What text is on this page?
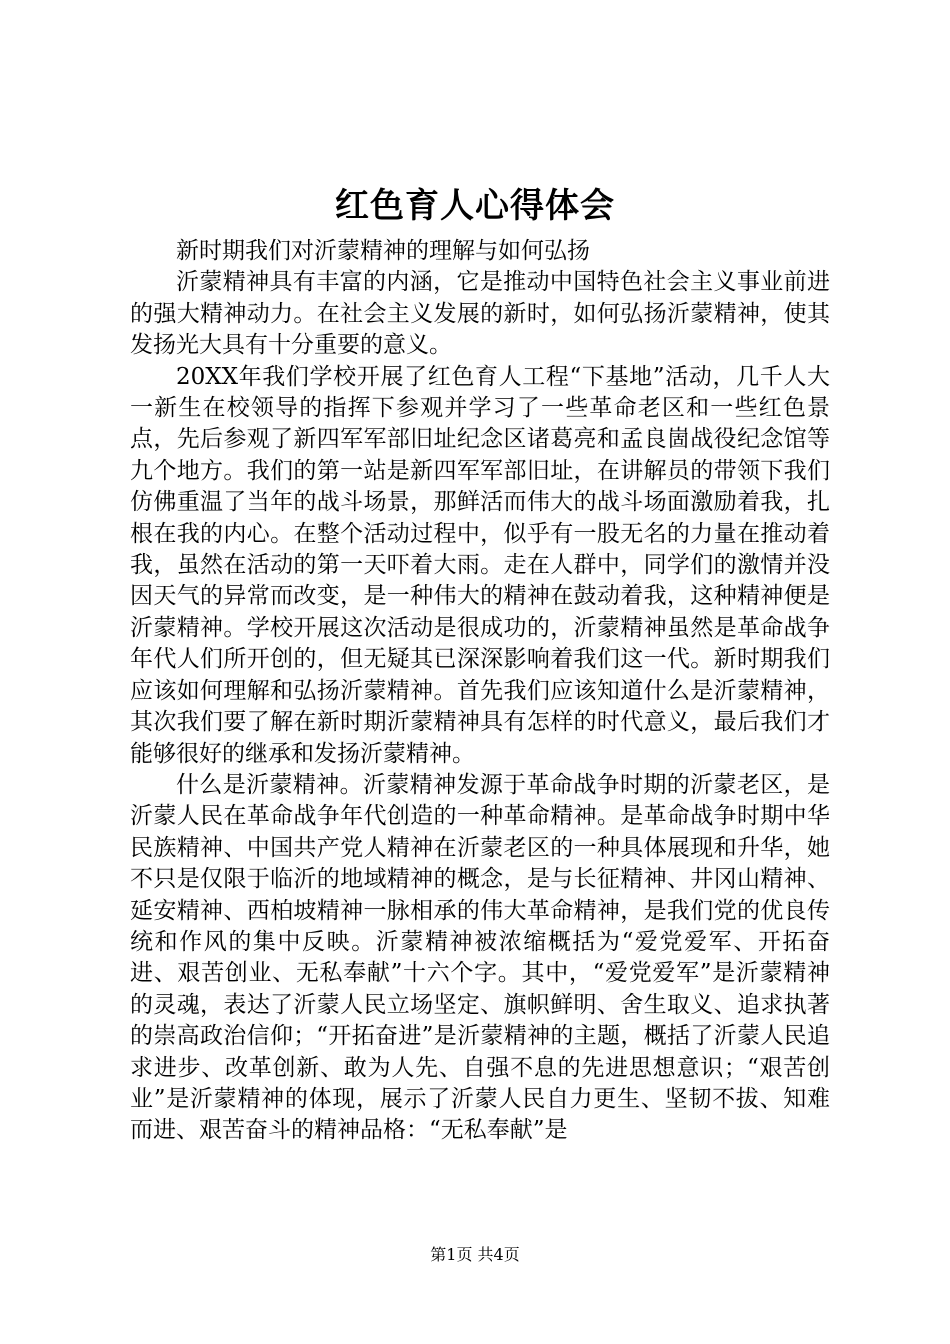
红色育人心得体会

新时期我们对沂蒙精神的理解与如何弘扬

沂蒙精神具有丰富的内涵，它是推动中国特色社会主义事业前进的强大精神动力。在社会主义发展的新时，如何弘扬沂蒙精神，使其发扬光大具有十分重要的意义。

20XX年我们学校开展了红色育人工程“下基地”活动，几千人大一新生在校领导的指挥下参观并学习了一些革命老区和一些红色景点，先后参观了新四军军部旧址纪念区诸葛亮和孟良崮战役纪念馆等九个地方。我们的第一站是新四军军部旧址，在讲解员的带领下我们仿佛重温了当年的战斗场景，那鲜活而伟大的战斗场面激励着我，扎根在我的内心。在整个活动过程中，似乎有一股无名的力量在推动着我，虽然在活动的第一天吓着大雨。走在人群中，同学们的激情并没因天气的异常而改变，是一种伟大的精神在鼓动着我，这种精神便是沂蒙精神。学校开展这次活动是很成功的，沂蒙精神虽然是革命战争年代人们所开创的，但无疑其已深深影响着我们这一代。新时期我们应该如何理解和弘扬沂蒙精神。首先我们应该知道什么是沂蒙精神，其次我们要了解在新时期沂蒙精神具有怎样的时代意义，最后我们才能够很好的继承和发扬沂蒙精神。

什么是沂蒙精神。沂蒙精神发源于革命战争时期的沂蒙老区，是沂蒙人民在革命战争年代创造的一种革命精神。是革命战争时期中华民族精神、中国共产党人精神在沂蒙老区的一种具体展现和升华，她不只是仅限于临沂的地域精神的概念，是与长征精神、井冈山精神、延安精神、西柏坡精神一脉相承的伟大革命精神，是我们党的优良传统和作风的集中反映。沂蒙精神被浓缩概括为“爱党爱军、开拓奋进、艰苦创业、无私奉献”十六个字。其中，“爱党爱军”是沂蒙精神的灵魂，表达了沂蒙人民立场坚定、旗帜鲜明、舍生取义、追求执著的崇高政治信仰；“开拓奋进”是沂蒙精神的主题，概括了沂蒙人民追求进步、改革创新、敢为人先、自强不息的先进思想意识；“艰苦创业”是沂蒙精神的体现，展示了沂蒙人民自力更生、坚韧不拔、知难而进、艰苦奋斗的精神品格：“无私奉献”是

第1页 共4页
